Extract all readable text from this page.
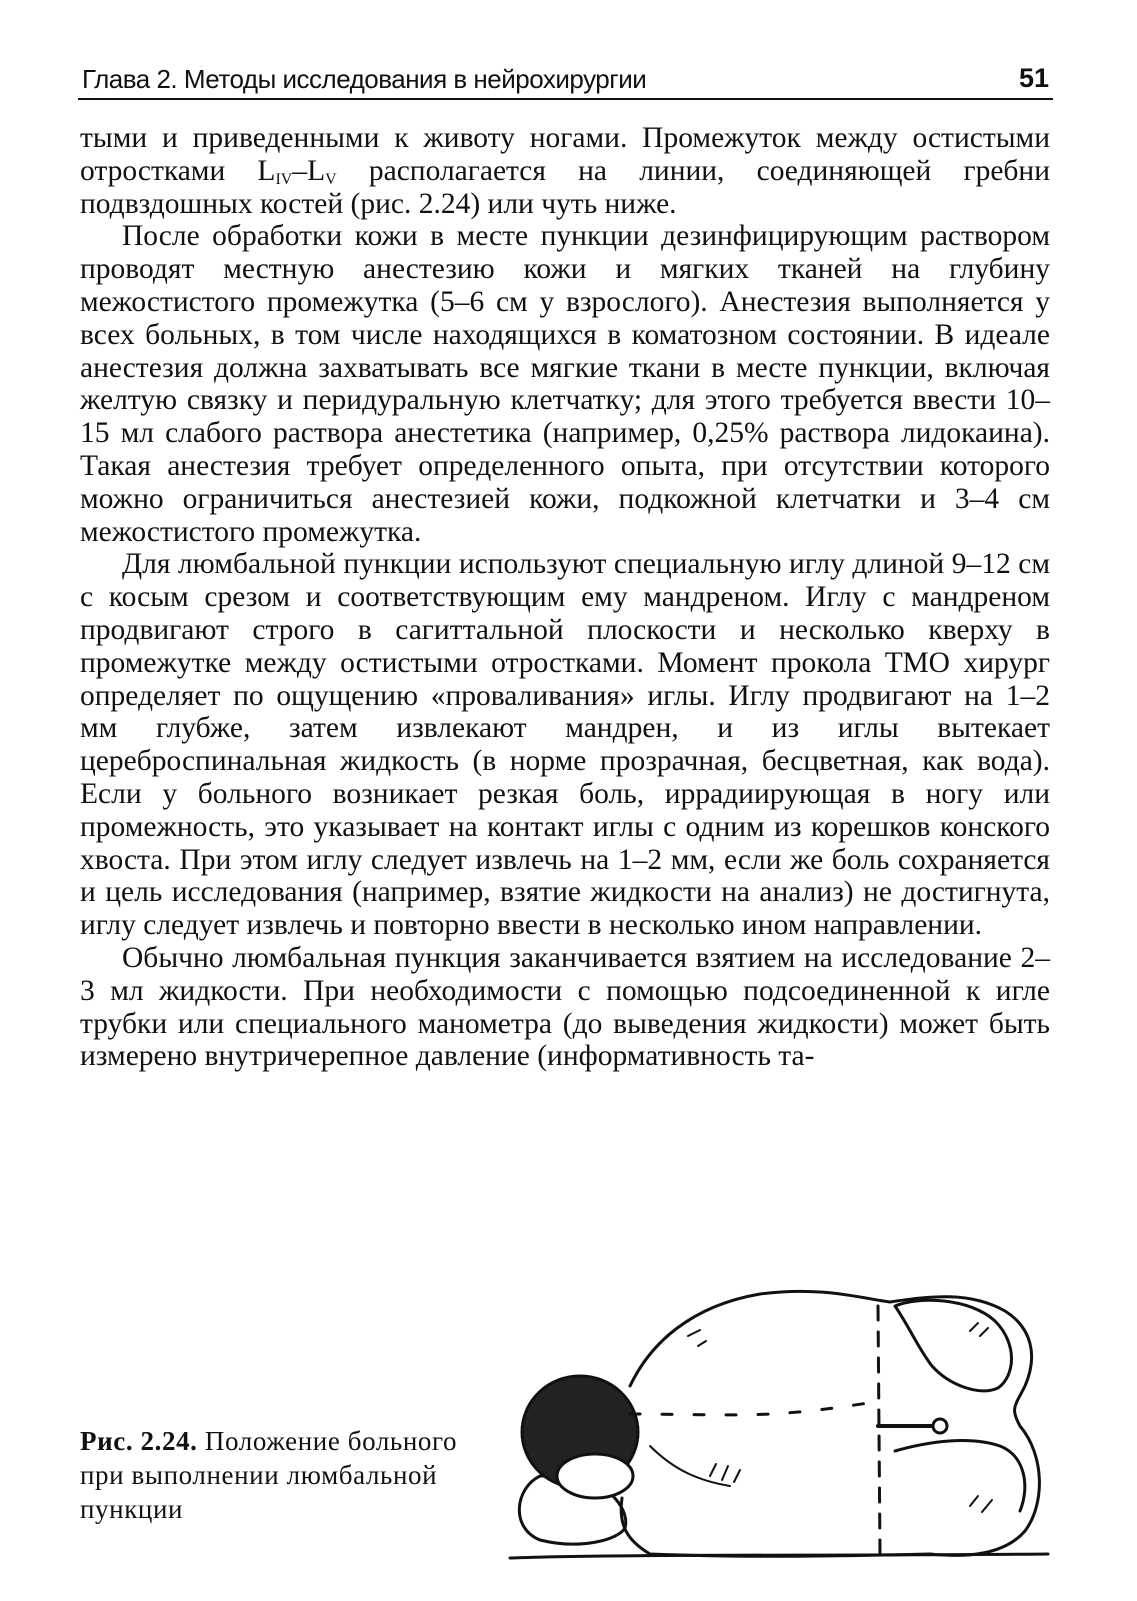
Глава 2. Методы исследования в нейрохирургии	51

тыми и приведенными к животу ногами. Промежуток между остистыми отростками $L_{IV}-L_V$ располагается на линии, соединяющей гребни подвздошных костей (рис. 2.24) или чуть ниже.

После обработки кожи в месте пункции дезинфицирующим раствором проводят местную анестезию кожи и мягких тканей на глубину межостистого промежутка (5–6 см у взрослого). Анестезия выполняется у всех больных, в том числе находящихся в коматозном состоянии. В идеале анестезия должна захватывать все мягкие ткани в месте пункции, включая желтую связку и перидуральную клетчатку; для этого требуется ввести 10–15 мл слабого раствора анестетика (например, 0,25% раствора лидокаина). Такая анестезия требует определенного опыта, при отсутствии которого можно ограничиться анестезией кожи, подкожной клетчатки и 3–4 см межостистого промежутка.

Для люмбальной пункции используют специальную иглу длиной 9–12 см с косым срезом и соответствующим ему мандреном. Иглу с мандреном продвигают строго в сагиттальной плоскости и несколько кверху в промежутке между остистыми отростками. Момент прокола ТМО хирург определяет по ощущению «проваливания» иглы. Иглу продвигают на 1–2 мм глубже, затем извлекают мандрен, и из иглы вытекает цереброспинальная жидкость (в норме прозрачная, бесцветная, как вода). Если у больного возникает резкая боль, иррадиирующая в ногу или промежность, это указывает на контакт иглы с одним из корешков конского хвоста. При этом иглу следует извлечь на 1–2 мм, если же боль сохраняется и цель исследования (например, взятие жидкости на анализ) не достигнута, иглу следует извлечь и повторно ввести в несколько ином направлении.

Обычно люмбальная пункция заканчивается взятием на исследование 2–3 мл жидкости. При необходимости с помощью подсоединенной к игле трубки или специального манометра (до выведения жидкости) может быть измерено внутричерепное давление (информативность та-

Рис. 2.24. Положение больного при выполнении люмбальной пункции
